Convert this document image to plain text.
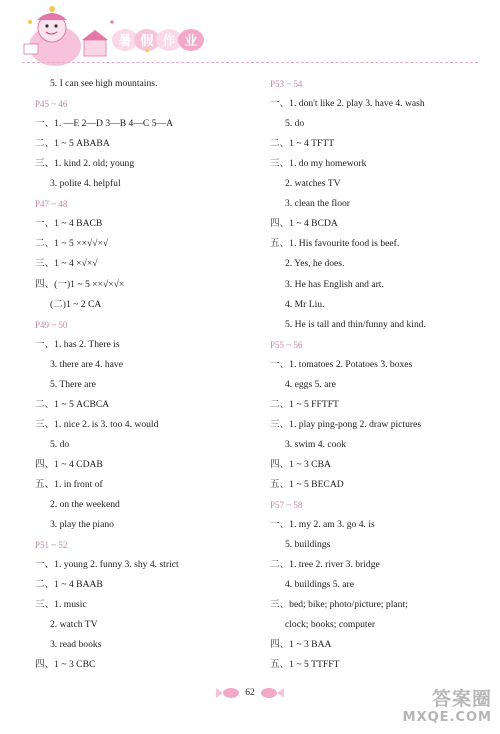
暑 假 作 业
5. I can see high mountains.
P45 ~ 46
一、1. —E 2—D 3—B 4—C 5—A
二、1 ~ 5 ABABA
三、1. kind 2. old; young
3. polite 4. helpful
P47 ~ 48
一、1 ~ 4 BACB
二、1 ~ 5 ××√√×√
三、1 ~ 4 ×√×√
四、(一)1 ~ 5 ××√×√×
(二)1 ~ 2 CA
P49 ~ 50
一、1. has 2. There is
3. there are 4. have
5. There are
二、1 ~ 5 ACBCA
三、1. nice 2. is 3. too 4. would
5. do
四、1 ~ 4 CDAB
五、1. in front of
2. on the weekend
3. play the piano
P51 ~ 52
一、1. young 2. funny 3. shy 4. strict
二、1 ~ 4 BAAB
三、1. music
2. watch TV
3. read books
四、1 ~ 3 CBC
P53 ~ 54
一、1. don't like 2. play 3. have 4. wash
5. do
二、1 ~ 4 TFTT
三、1. do my homework
2. watches TV
3. clean the floor
四、1 ~ 4 BCDA
五、1. His favourite food is beef.
2. Yes, he does.
3. He has English and art.
4. Mr Liu.
5. He is tall and thin/funny and kind.
P55 ~ 56
一、1. tomatoes 2. Potatoes 3. boxes
4. eggs 5. are
二、1 ~ 5 FFTFT
三、1. play ping-pong 2. draw pictures
3. swim 4. cook
四、1 ~ 3 CBA
五、1 ~ 5 BECAD
P57 ~ 58
一、1. my 2. am 3. go 4. is
5. buildings
二、1. tree 2. river 3. bridge
4. buildings 5. are
三、bed; bike; photo/picture; plant;
clock; books; computer
四、1 ~ 3 BAA
五、1 ~ 5 TTFFT
62	答案圈
MXQE.COM
